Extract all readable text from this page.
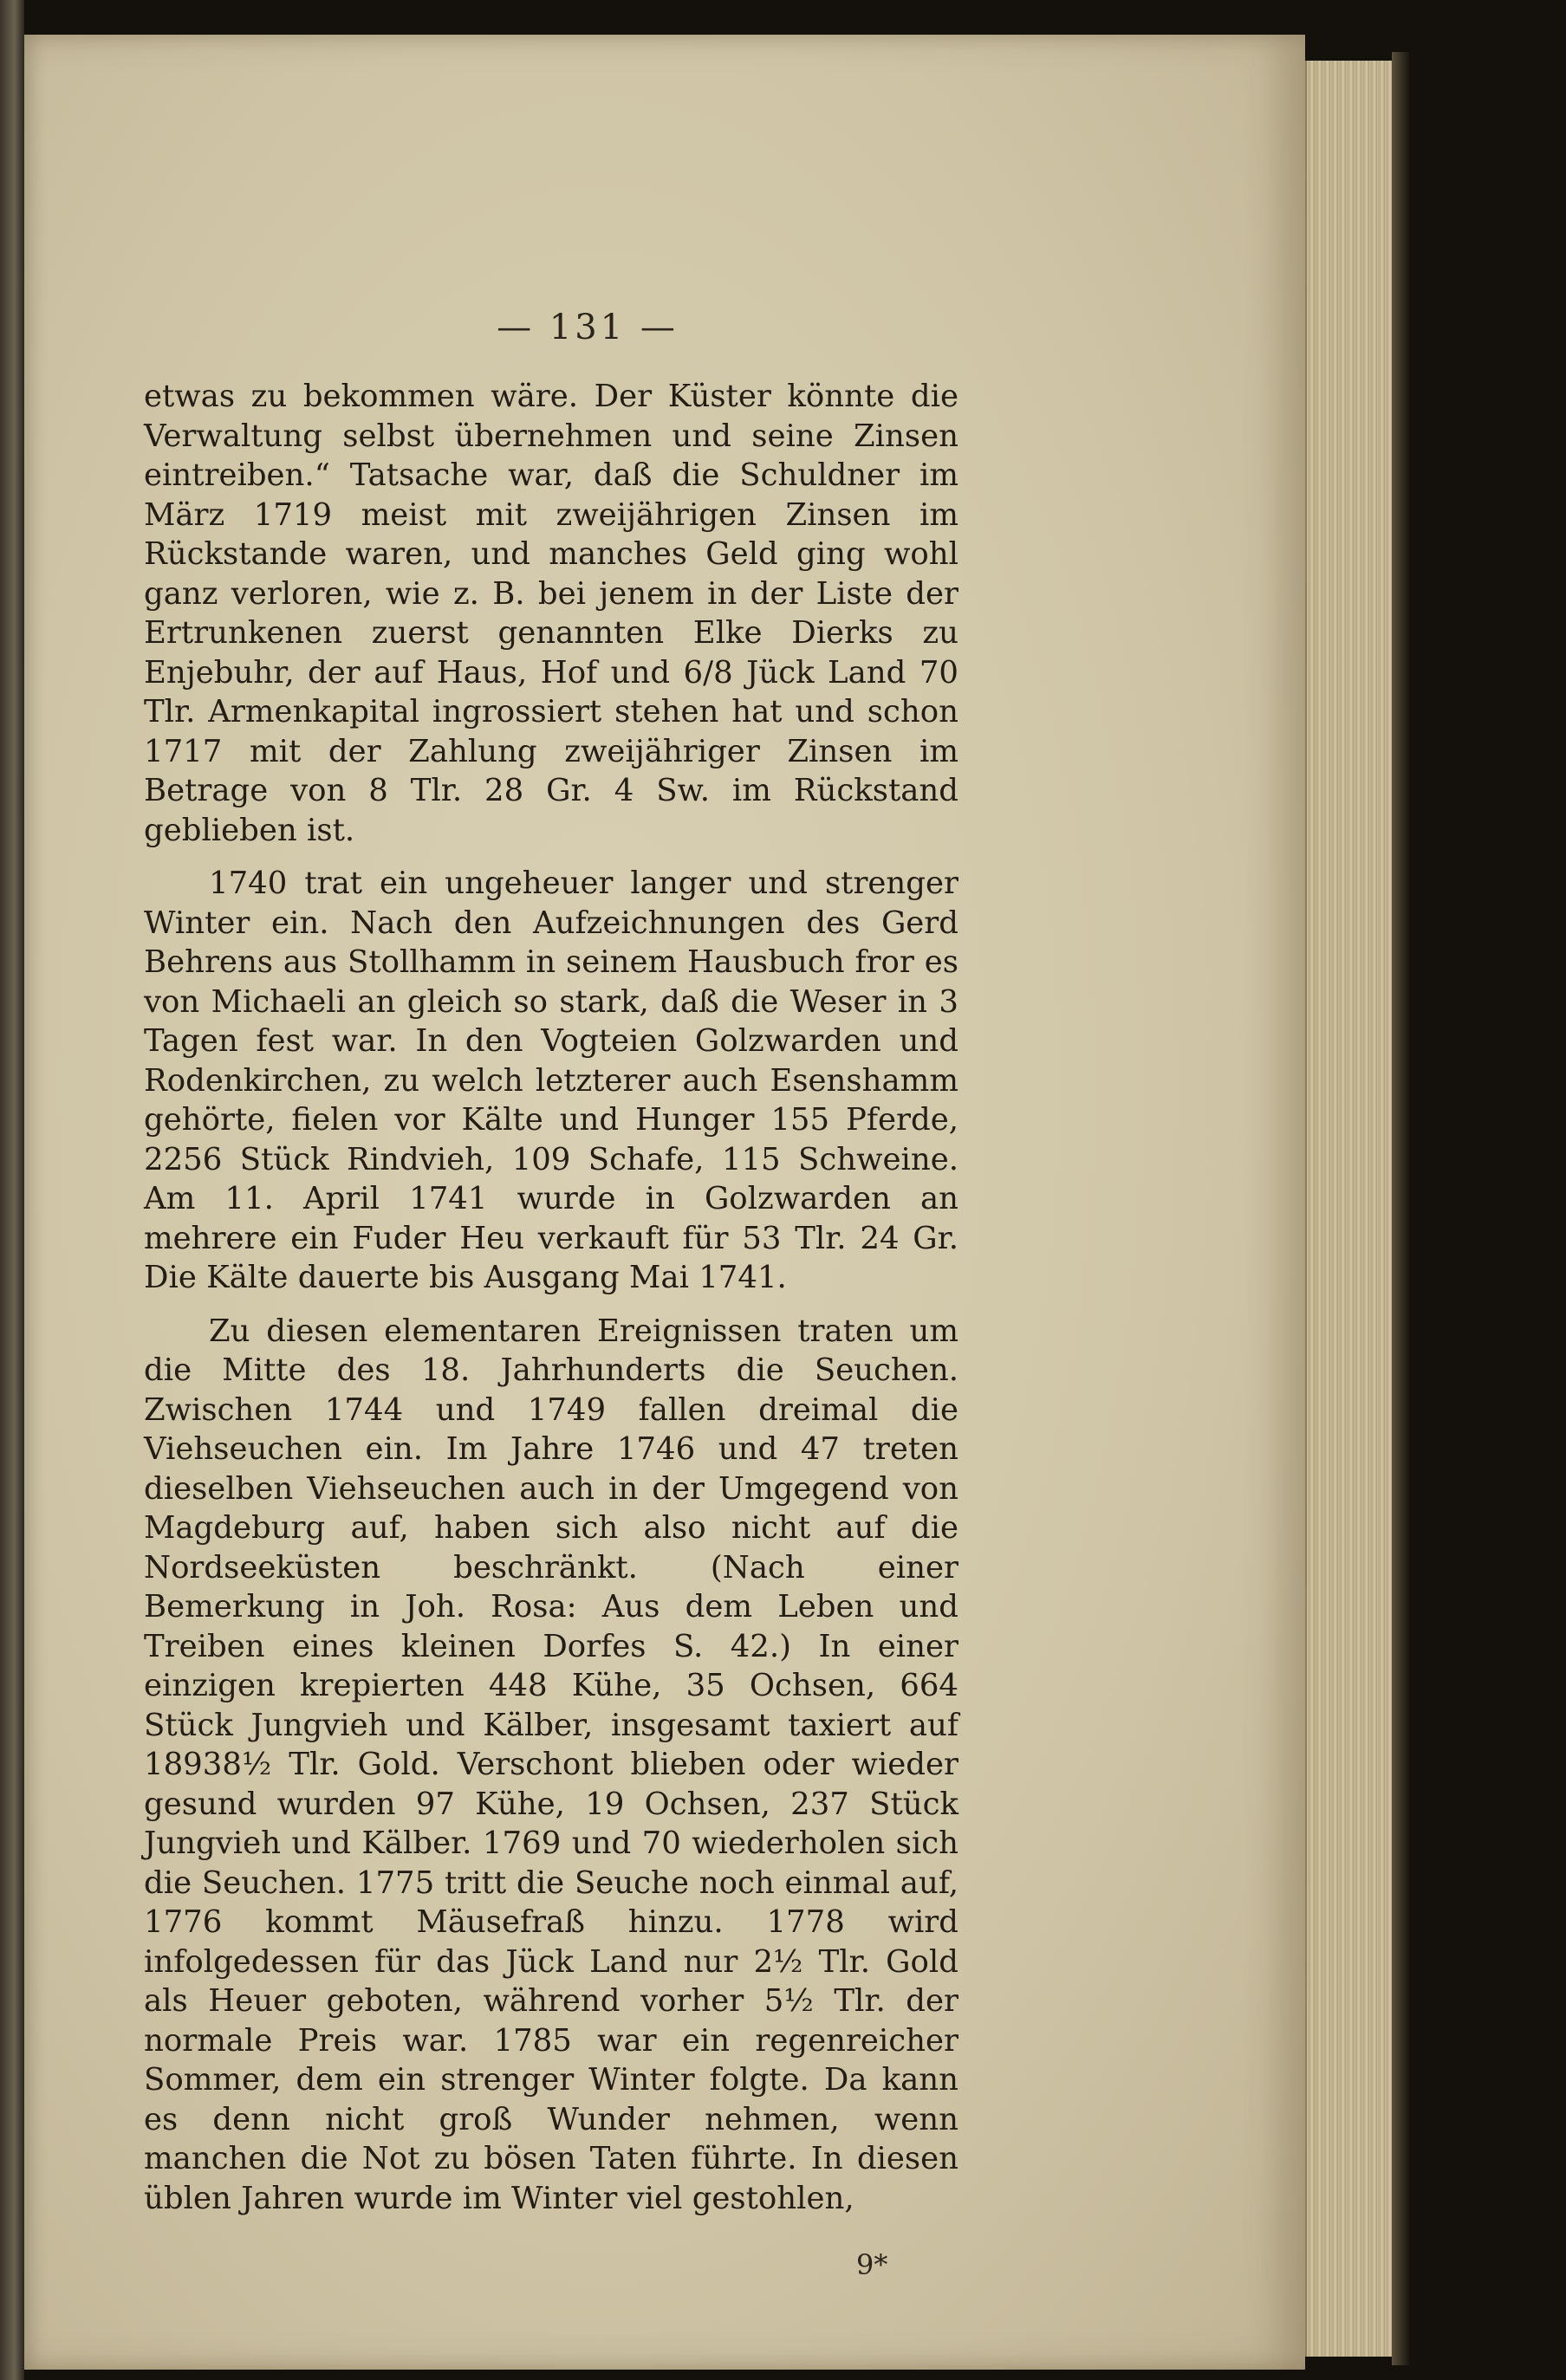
— 131 —

etwas zu bekommen wäre. Der Küster könnte die Verwaltung selbst übernehmen und seine Zinsen eintreiben.“ Tatsache war, daß die Schuldner im März 1719 meist mit zweijährigen Zinsen im Rückstande waren, und manches Geld ging wohl ganz verloren, wie z. B. bei jenem in der Liste der Ertrunkenen zuerst genannten Elke Dierks zu Enjebuhr, der auf Haus, Hof und 6/8 Jück Land 70 Tlr. Armenkapital ingrossiert stehen hat und schon 1717 mit der Zahlung zweijähriger Zinsen im Betrage von 8 Tlr. 28 Gr. 4 Sw. im Rückstand geblieben ist.

1740 trat ein ungeheuer langer und strenger Winter ein. Nach den Aufzeichnungen des Gerd Behrens aus Stollhamm in seinem Hausbuch fror es von Michaeli an gleich so stark, daß die Weser in 3 Tagen fest war. In den Vogteien Golzwarden und Rodenkirchen, zu welch letzterer auch Esenshamm gehörte, fielen vor Kälte und Hunger 155 Pferde, 2256 Stück Rindvieh, 109 Schafe, 115 Schweine. Am 11. April 1741 wurde in Golzwarden an mehrere ein Fuder Heu verkauft für 53 Tlr. 24 Gr. Die Kälte dauerte bis Ausgang Mai 1741.

Zu diesen elementaren Ereignissen traten um die Mitte des 18. Jahrhunderts die Seuchen. Zwischen 1744 und 1749 fallen dreimal die Viehseuchen ein. Im Jahre 1746 und 47 treten dieselben Viehseuchen auch in der Umgegend von Magdeburg auf, haben sich also nicht auf die Nordseeküsten beschränkt. (Nach einer Bemerkung in Joh. Rosa: Aus dem Leben und Treiben eines kleinen Dorfes S. 42.) In einer einzigen krepierten 448 Kühe, 35 Ochsen, 664 Stück Jungvieh und Kälber, insgesamt taxiert auf 18938½ Tlr. Gold. Verschont blieben oder wieder gesund wurden 97 Kühe, 19 Ochsen, 237 Stück Jungvieh und Kälber. 1769 und 70 wiederholen sich die Seuchen. 1775 tritt die Seuche noch einmal auf, 1776 kommt Mäusefraß hinzu. 1778 wird infolgedessen für das Jück Land nur 2½ Tlr. Gold als Heuer geboten, während vorher 5½ Tlr. der normale Preis war. 1785 war ein regenreicher Sommer, dem ein strenger Winter folgte. Da kann es denn nicht groß Wunder nehmen, wenn manchen die Not zu bösen Taten führte. In diesen üblen Jahren wurde im Winter viel gestohlen,

9*
